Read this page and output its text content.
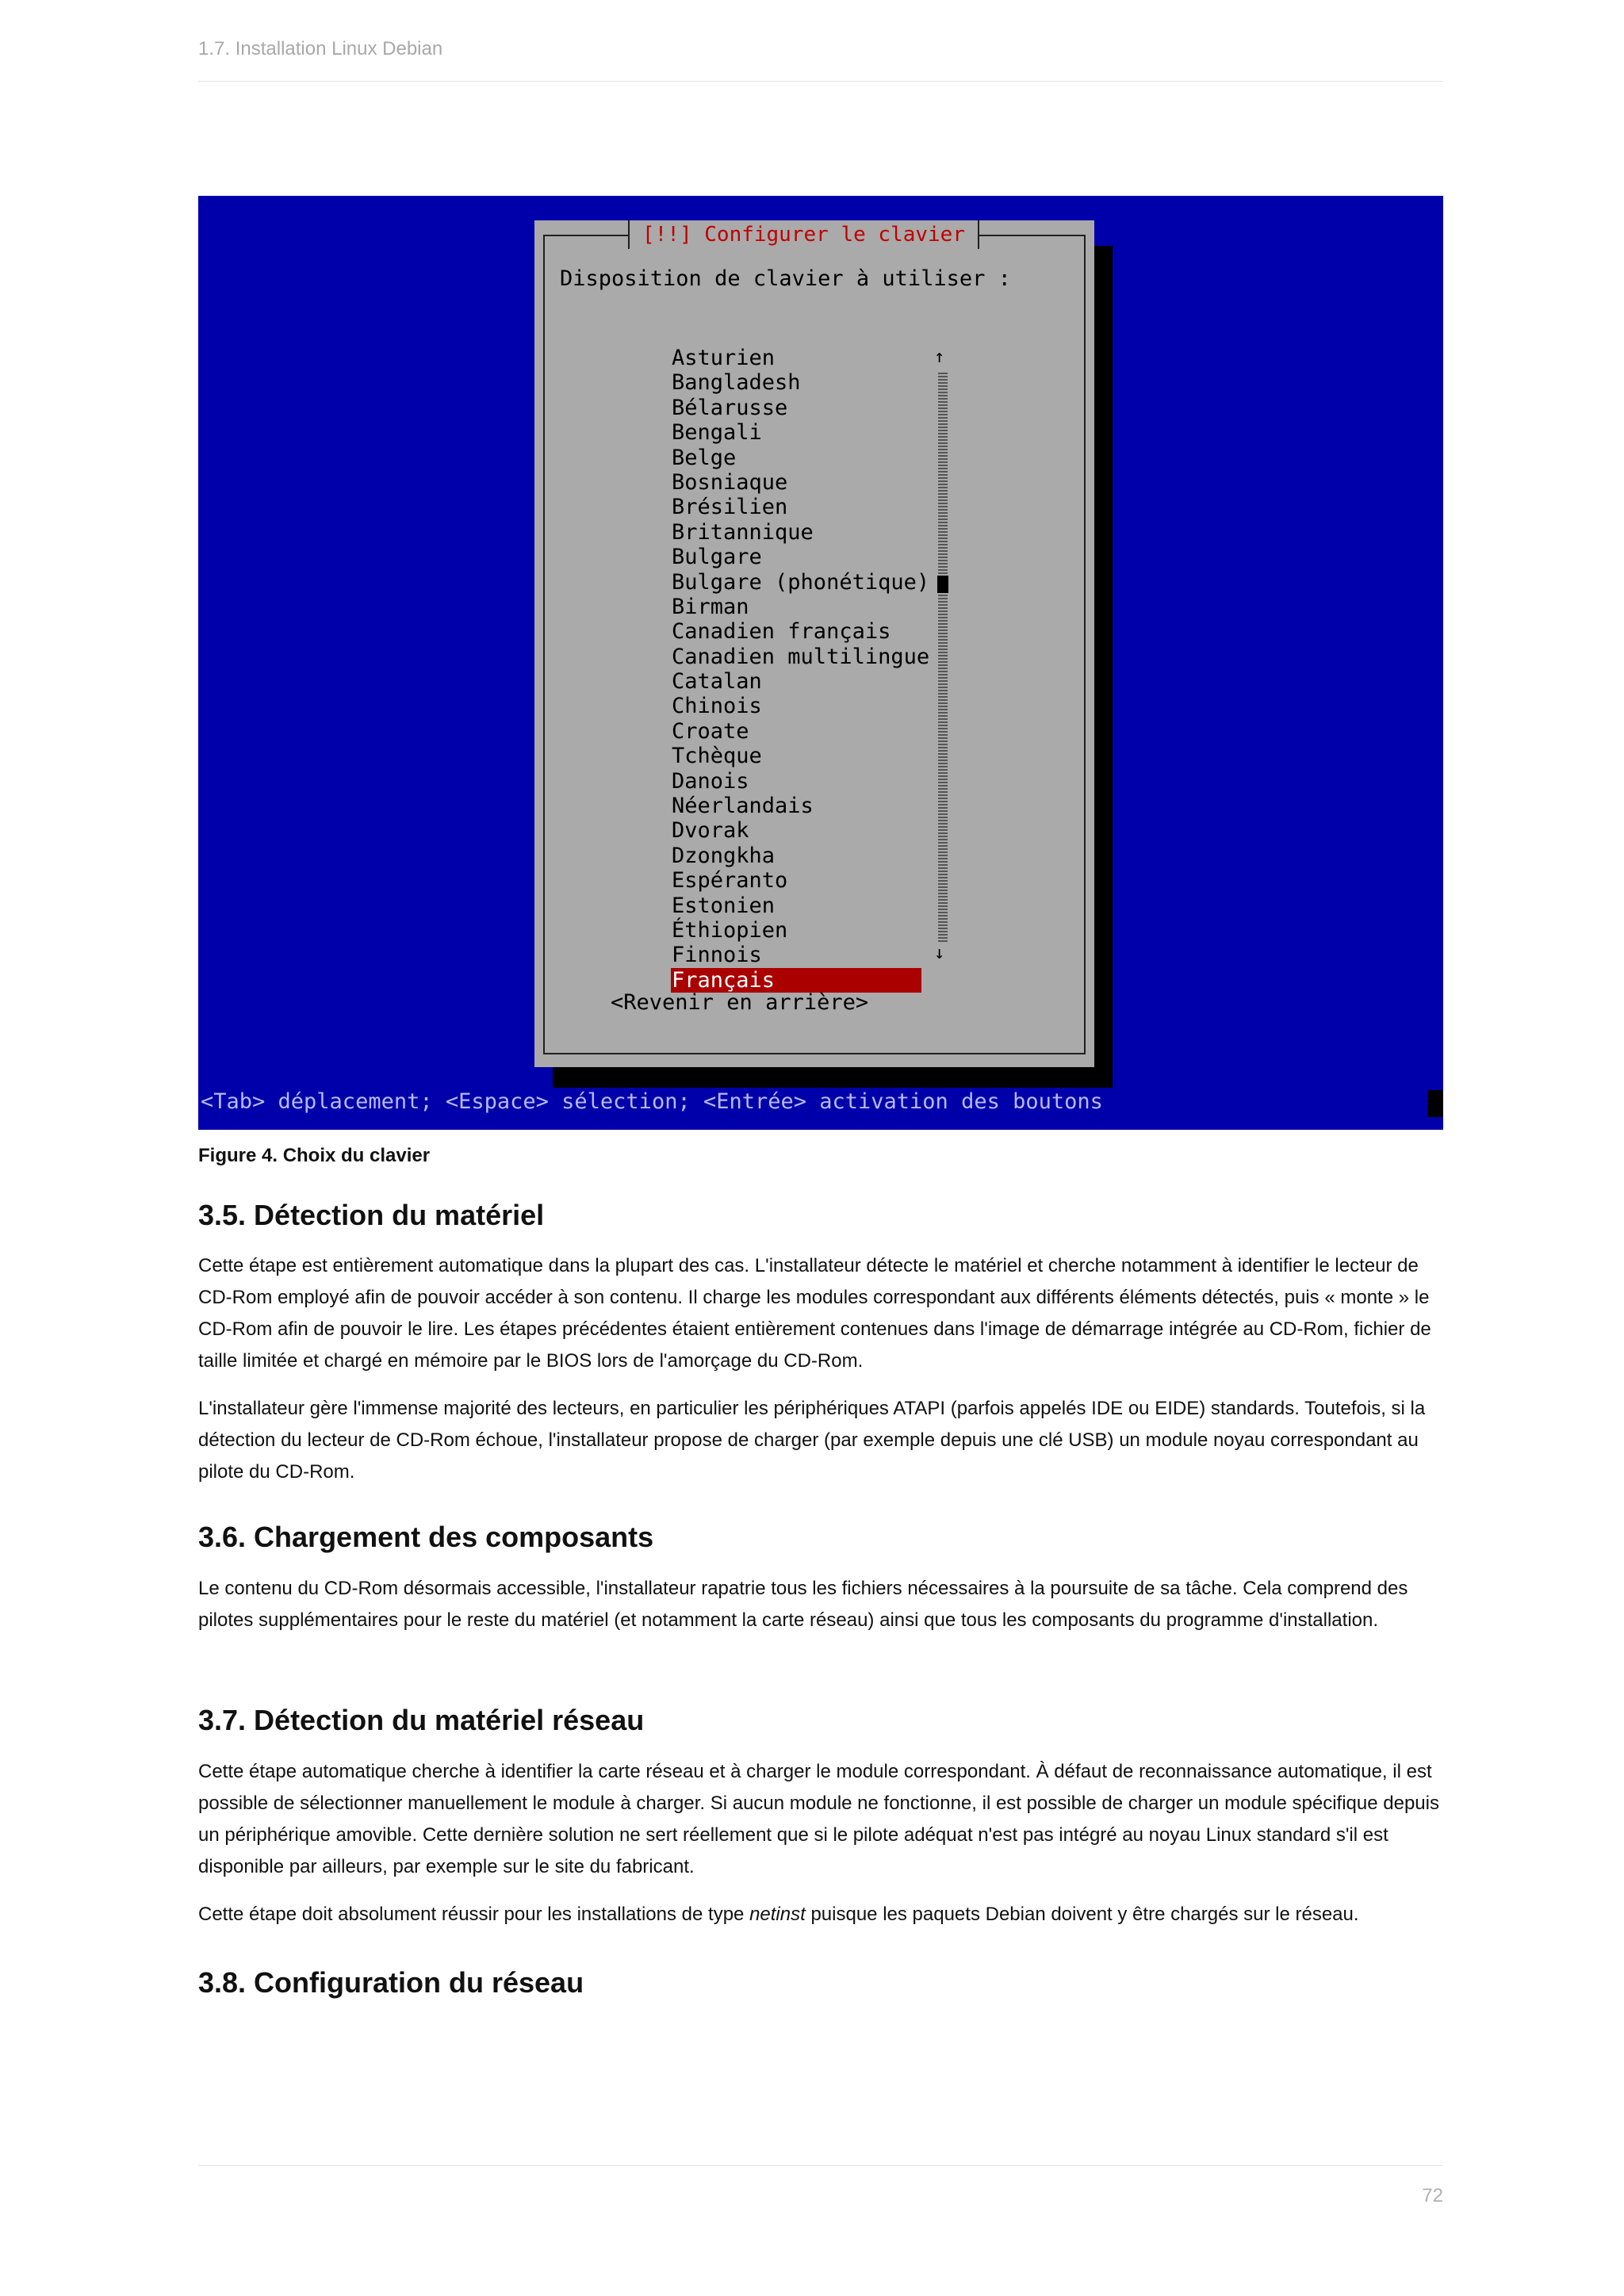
1.7. Installation Linux Debian
[!!] Configurer le clavier
Disposition de clavier à utiliser :
Asturien
Bangladesh
Bélarusse
Bengali
Belge
Bosniaque
Brésilien
Britannique
Bulgare
Bulgare (phonétique)
Birman
Canadien français
Canadien multilingue
Catalan
Chinois
Croate
Tchèque
Danois
Néerlandais
Dvorak
Dzongkha
Espéranto
Estonien
Éthiopien
Finnois
Français
↑
↓
<Revenir en arrière>
<Tab> déplacement; <Espace> sélection; <Entrée> activation des boutons
Figure 4. Choix du clavier
3.5. Détection du matériel

Cette étape est entièrement automatique dans la plupart des cas. L'installateur détecte le matériel et cherche notamment à identifier le lecteur de CD-Rom employé afin de pouvoir accéder à son contenu. Il charge les modules correspondant aux différents éléments détectés, puis « monte » le CD-Rom afin de pouvoir le lire. Les étapes précédentes étaient entièrement contenues dans l'image de démarrage intégrée au CD-Rom, fichier de taille limitée et chargé en mémoire par le BIOS lors de l'amorçage du CD-Rom.

L'installateur gère l'immense majorité des lecteurs, en particulier les périphériques ATAPI (parfois appelés IDE ou EIDE) standards. Toutefois, si la détection du lecteur de CD-Rom échoue, l'installateur propose de charger (par exemple depuis une clé USB) un module noyau correspondant au pilote du CD-Rom.

3.6. Chargement des composants

Le contenu du CD-Rom désormais accessible, l'installateur rapatrie tous les fichiers nécessaires à la poursuite de sa tâche. Cela comprend des pilotes supplémentaires pour le reste du matériel (et notamment la carte réseau) ainsi que tous les composants du programme d'installation.

3.7. Détection du matériel réseau

Cette étape automatique cherche à identifier la carte réseau et à charger le module correspondant. À défaut de reconnaissance automatique, il est possible de sélectionner manuellement le module à charger. Si aucun module ne fonctionne, il est possible de charger un module spécifique depuis un périphérique amovible. Cette dernière solution ne sert réellement que si le pilote adéquat n'est pas intégré au noyau Linux standard s'il est disponible par ailleurs, par exemple sur le site du fabricant.

Cette étape doit absolument réussir pour les installations de type netinst puisque les paquets Debian doivent y être chargés sur le réseau.

3.8. Configuration du réseau
72
